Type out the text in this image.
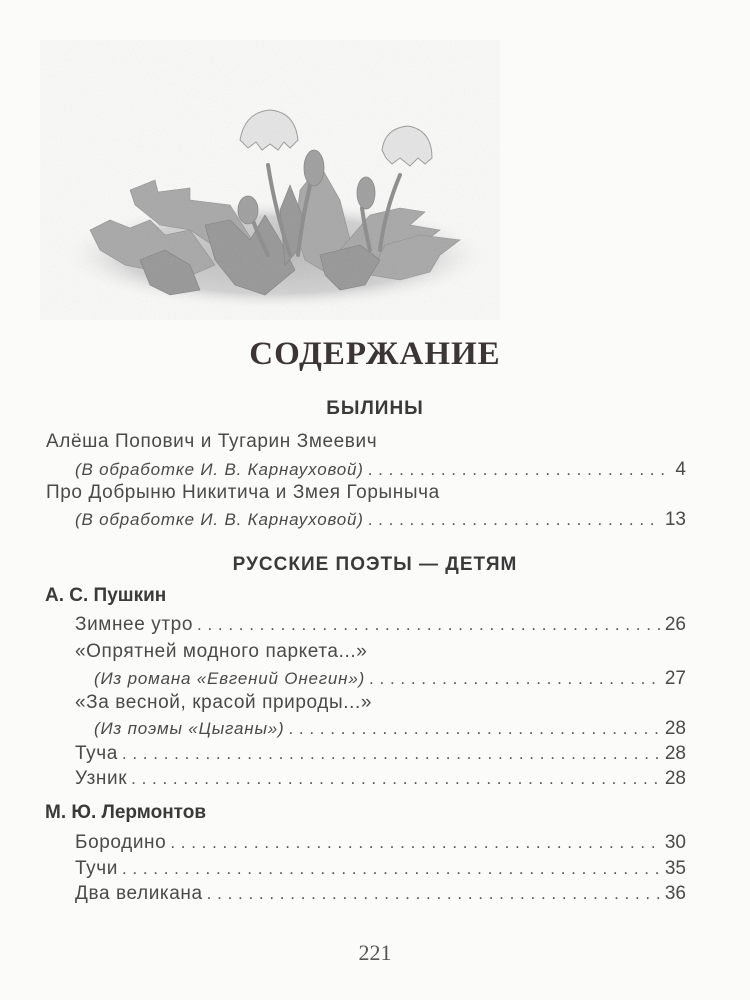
СОДЕРЖАНИЕ
БЫЛИНЫ
Алёша Попович и Тугарин Змеевич
(В обработке И. В. Карнауховой) . . .	4
Про Добрыню Никитича и Змея Горыныча
(В обработке И. В. Карнауховой) . . .	13
РУССКИЕ ПОЭТЫ — ДЕТЯМ
А. С. Пушкин
Зимнее утро . . .	26
«Опрятней модного паркета...»
(Из романа «Евгений Онегин») . . .	27
«За весной, красой природы...»
(Из поэмы «Цыганы») . . .	28
Туча . . .	28
Узник . . .	28
М. Ю. Лермонтов
Бородино . . .	30
Тучи . . .	35
Два великана . . .	36
221
